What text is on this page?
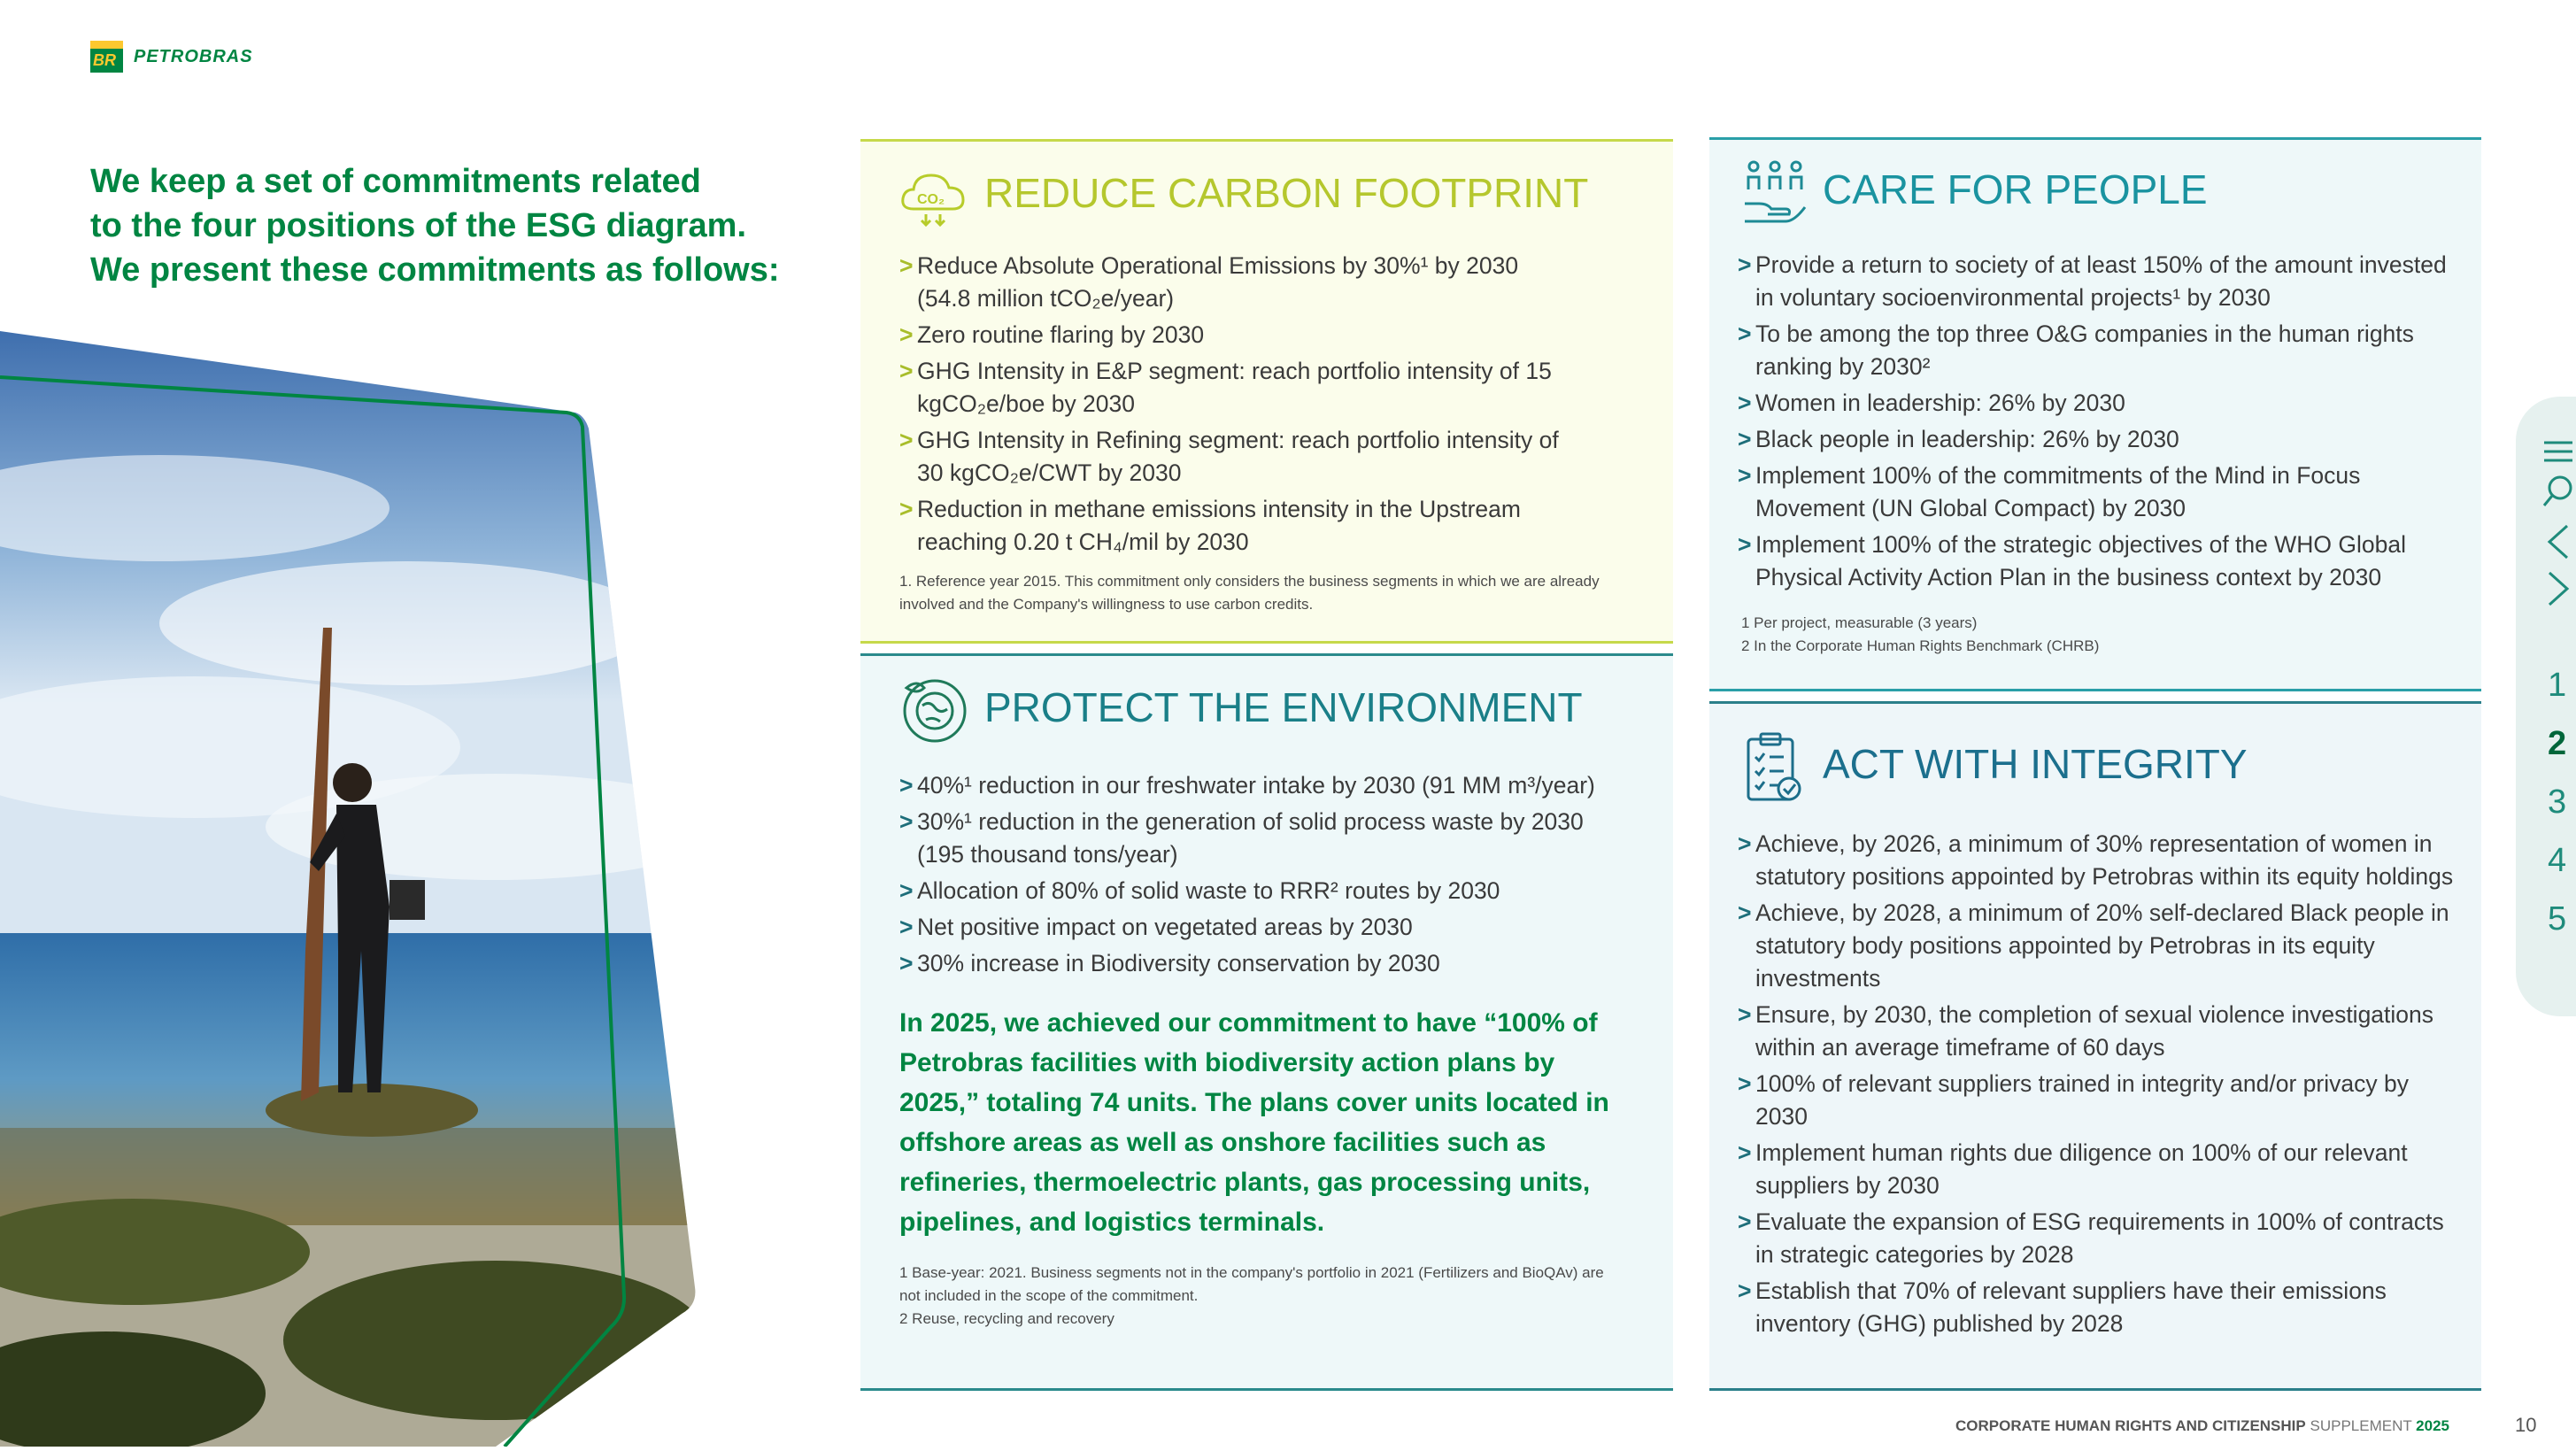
BR PETROBRAS
We keep a set of commitments related
to the four positions of the ESG diagram.
We present these commitments as follows:
CO₂ REDUCE CARBON FOOTPRINT
> Reduce Absolute Operational Emissions by 30%¹ by 2030 (54.8 million tCO₂e/year)
> Zero routine flaring by 2030
> GHG Intensity in E&P segment: reach portfolio intensity of 15 kgCO₂e/boe by 2030
> GHG Intensity in Refining segment: reach portfolio intensity of 30 kgCO₂e/CWT by 2030
> Reduction in methane emissions intensity in the Upstream reaching 0.20 t CH₄/mil by 2030
1. Reference year 2015. This commitment only considers the business segments in which we are already
involved and the Company's willingness to use carbon credits.
PROTECT THE ENVIRONMENT
> 40%¹ reduction in our freshwater intake by 2030 (91 MM m³/year)
> 30%¹ reduction in the generation of solid process waste by 2030 (195 thousand tons/year)
> Allocation of 80% of solid waste to RRR² routes by 2030
> Net positive impact on vegetated areas by 2030
> 30% increase in Biodiversity conservation by 2030
In 2025, we achieved our commitment to have “100% of Petrobras facilities with biodiversity action plans by 2025,” totaling 74 units. The plans cover units located in offshore areas as well as onshore facilities such as refineries, thermoelectric plants, gas processing units, pipelines, and logistics terminals.
1 Base-year: 2021. Business segments not in the company's portfolio in 2021 (Fertilizers and BioQAv) are
not included in the scope of the commitment.
2 Reuse, recycling and recovery
CARE FOR PEOPLE
> Provide a return to society of at least 150% of the amount invested in voluntary socioenvironmental projects¹ by 2030
> To be among the top three O&G companies in the human rights ranking by 2030²
> Women in leadership: 26% by 2030
> Black people in leadership: 26% by 2030
> Implement 100% of the commitments of the Mind in Focus Movement (UN Global Compact) by 2030
> Implement 100% of the strategic objectives of the WHO Global Physical Activity Action Plan in the business context by 2030
1 Per project, measurable (3 years)
2 In the Corporate Human Rights Benchmark (CHRB)
ACT WITH INTEGRITY
> Achieve, by 2026, a minimum of 30% representation of women in statutory positions appointed by Petrobras within its equity holdings
> Achieve, by 2028, a minimum of 20% self-declared Black people in statutory body positions appointed by Petrobras in its equity investments
> Ensure, by 2030, the completion of sexual violence investigations within an average timeframe of 60 days
> 100% of relevant suppliers trained in integrity and/or privacy by 2030
> Implement human rights due diligence on 100% of our relevant suppliers by 2030
> Evaluate the expansion of ESG requirements in 100% of contracts in strategic categories by 2028
> Establish that 70% of relevant suppliers have their emissions inventory (GHG) published by 2028
1
2
3
4
5
CORPORATE HUMAN RIGHTS AND CITIZENSHIP SUPPLEMENT 2025	10
